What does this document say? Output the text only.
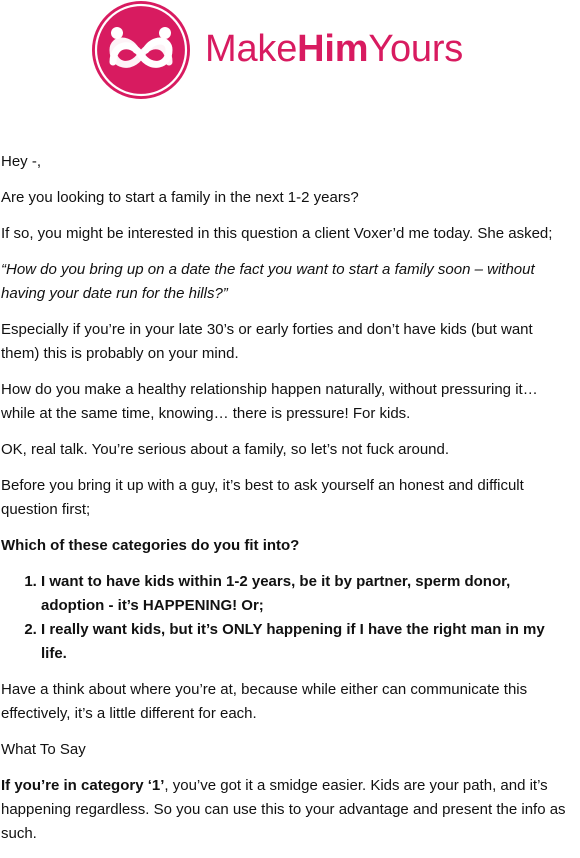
MakeHimYours

Hey -,

Are you looking to start a family in the next 1-2 years?

If so, you might be interested in this question a client Voxer’d me today. She asked;

“How do you bring up on a date the fact you want to start a family soon – without having your date run for the hills?”

Especially if you’re in your late 30’s or early forties and don’t have kids (but want them) this is probably on your mind.

How do you make a healthy relationship happen naturally, without pressuring it… while at the same time, knowing… there is pressure! For kids.

OK, real talk. You’re serious about a family, so let’s not fuck around.

Before you bring it up with a guy, it’s best to ask yourself an honest and difficult question first;

Which of these categories do you fit into?

1. I want to have kids within 1-2 years, be it by partner, sperm donor, adoption - it’s HAPPENING! Or;
2. I really want kids, but it’s ONLY happening if I have the right man in my life.

Have a think about where you’re at, because while either can communicate this effectively, it’s a little different for each.

What To Say

If you’re in category ‘1’, you’ve got it a smidge easier. Kids are your path, and it’s happening regardless. So you can use this to your advantage and present the info as such.
